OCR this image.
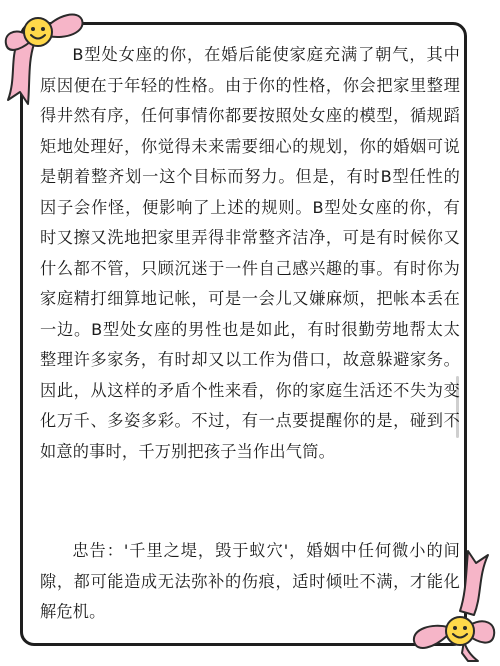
B型处女座的你，在婚后能使家庭充满了朝气，其中原因便在于年轻的性格。由于你的性格，你会把家里整理得井然有序，任何事情你都要按照处女座的模型，循规蹈矩地处理好，你觉得未来需要细心的规划，你的婚姻可说是朝着整齐划一这个目标而努力。但是，有时B型任性的因子会作怪，便影响了上述的规则。B型处女座的你，有时又擦又洗地把家里弄得非常整齐洁净，可是有时候你又什么都不管，只顾沉迷于一件自己感兴趣的事。有时你为家庭精打细算地记帐，可是一会儿又嫌麻烦，把帐本丢在一边。B型处女座的男性也是如此，有时很勤劳地帮太太整理许多家务，有时却又以工作为借口，故意躲避家务。因此，从这样的矛盾个性来看，你的家庭生活还不失为变化万千、多姿多彩。不过，有一点要提醒你的是，碰到不如意的事时，千万别把孩子当作出气筒。

忠告：'千里之堤，毁于蚁穴'，婚姻中任何微小的间隙，都可能造成无法弥补的伤痕，适时倾吐不满，才能化解危机。
